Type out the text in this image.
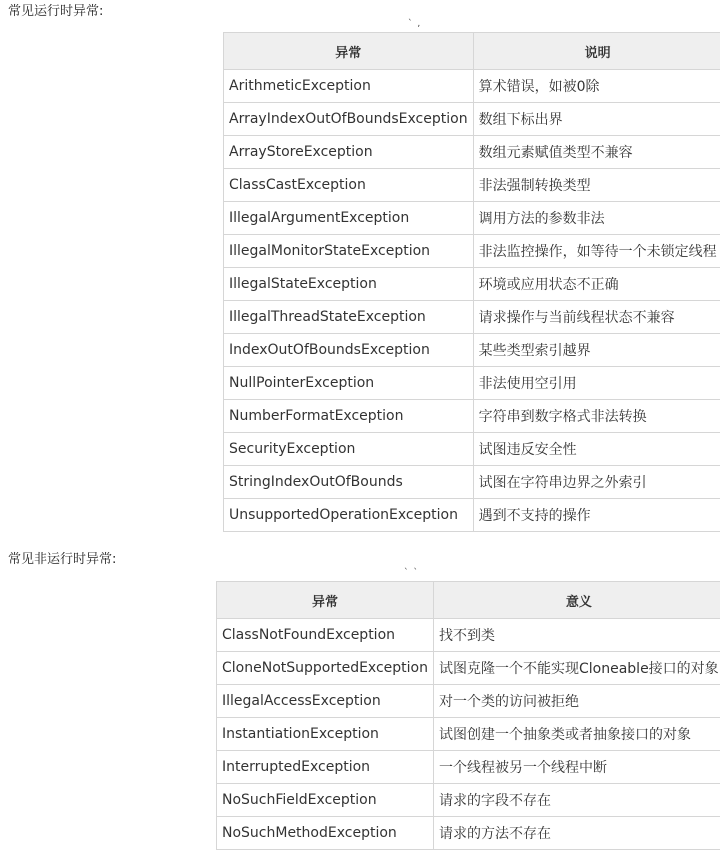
常见运行时异常:
` ,
异常	说明
ArithmeticException	算术错误，如被0除
ArrayIndexOutOfBoundsException	数组下标出界
ArrayStoreException	数组元素赋值类型不兼容
ClassCastException	非法强制转换类型
IllegalArgumentException	调用方法的参数非法
IllegalMonitorStateException	非法监控操作，如等待一个未锁定线程
IllegalStateException	环境或应用状态不正确
IllegalThreadStateException	请求操作与当前线程状态不兼容
IndexOutOfBoundsException	某些类型索引越界
NullPointerException	非法使用空引用
NumberFormatException	字符串到数字格式非法转换
SecurityException	试图违反安全性
StringIndexOutOfBounds	试图在字符串边界之外索引
UnsupportedOperationException	遇到不支持的操作
常见非运行时异常:
` `
异常	意义
ClassNotFoundException	找不到类
CloneNotSupportedException	试图克隆一个不能实现Cloneable接口的对象
IllegalAccessException	对一个类的访问被拒绝
InstantiationException	试图创建一个抽象类或者抽象接口的对象
InterruptedException	一个线程被另一个线程中断
NoSuchFieldException	请求的字段不存在
NoSuchMethodException	请求的方法不存在
